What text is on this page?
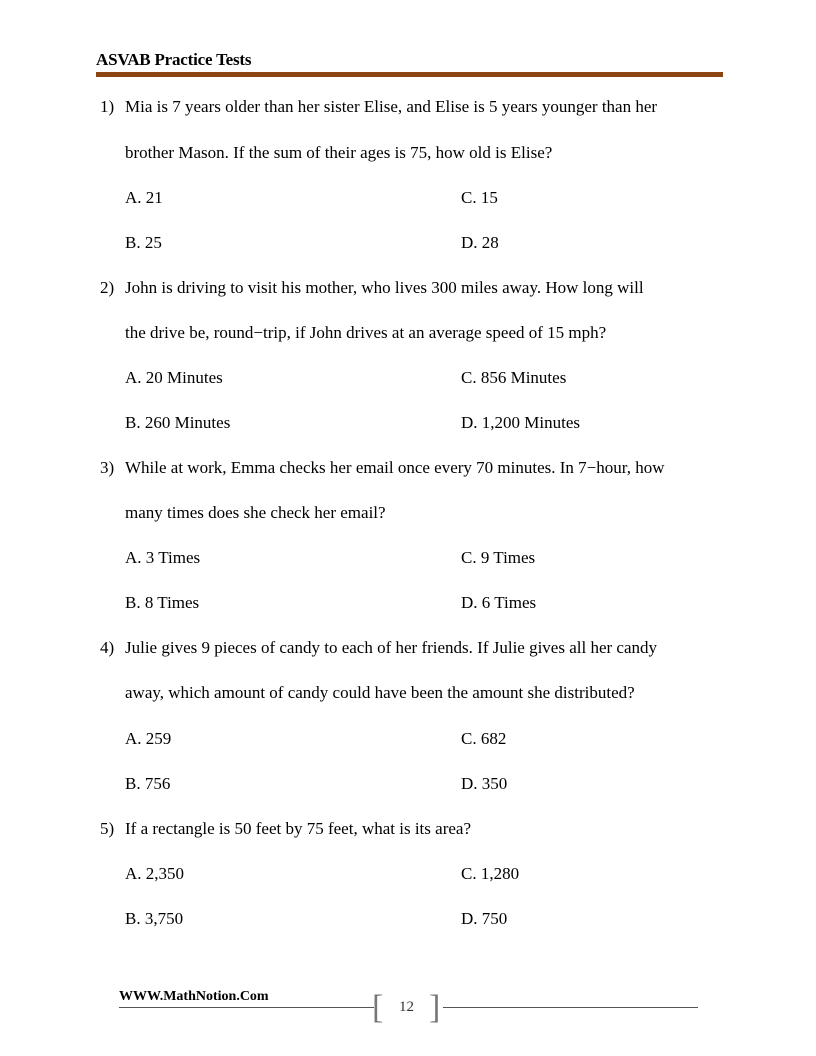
ASVAB Practice Tests
1) Mia is 7 years older than her sister Elise, and Elise is 5 years younger than her
brother Mason. If the sum of their ages is 75, how old is Elise?
A. 21	C. 15
B. 25	D. 28
2) John is driving to visit his mother, who lives 300 miles away. How long will
the drive be, round−trip, if John drives at an average speed of 15 mph?
A. 20 Minutes	C. 856 Minutes
B. 260 Minutes	D. 1,200 Minutes
3) While at work, Emma checks her email once every 70 minutes. In 7−hour, how
many times does she check her email?
A. 3 Times	C. 9 Times
B. 8 Times	D. 6 Times
4) Julie gives 9 pieces of candy to each of her friends. If Julie gives all her candy
away, which amount of candy could have been the amount she distributed?
A. 259	C. 682
B. 756	D. 350
5) If a rectangle is 50 feet by 75 feet, what is its area?
A. 2,350	C. 1,280
B. 3,750	D. 750
WWW.MathNotion.Com	[ 12 ]
